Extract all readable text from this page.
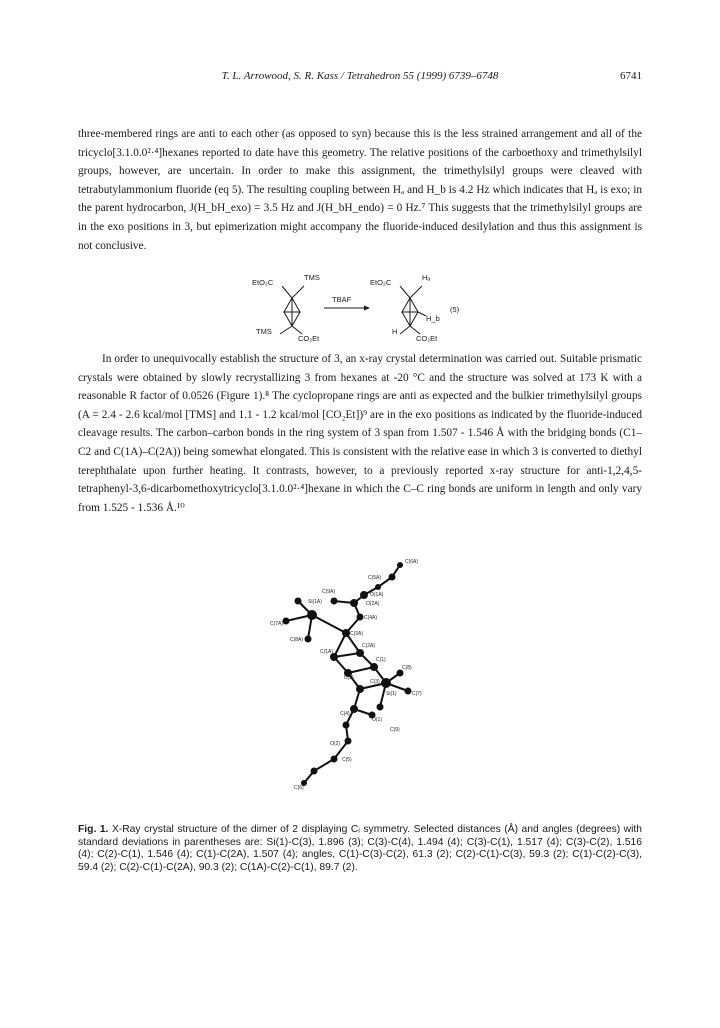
T. L. Arrowood, S. R. Kass / Tetrahedron 55 (1999) 6739–6748	6741

three-membered rings are anti to each other (as opposed to syn) because this is the less strained arrangement and all of the tricyclo[3.1.0.0²·⁴]hexanes reported to date have this geometry. The relative positions of the carboethoxy and trimethylsilyl groups, however, are uncertain. In order to make this assignment, the trimethylsilyl groups were cleaved with tetrabutylammonium fluoride (eq 5). The resulting coupling between Hₐ and H_b is 4.2 Hz which indicates that Hₐ is exo; in the parent hydrocarbon, J(H_bH_exo) = 3.5 Hz and J(H_bH_endo) = 0 Hz.⁷ This suggests that the trimethylsilyl groups are in the exo positions in 3, but epimerization might accompany the fluoride-induced desilylation and thus this assignment is not conclusive.

EtO₂C
TMS
TMS
CO₂Et
TBAF
EtO₂C
Hₐ
H_b
H
CO₂Et
(5)

In order to unequivocally establish the structure of 3, an x-ray crystal determination was carried out. Suitable prismatic crystals were obtained by slowly recrystallizing 3 from hexanes at -20 °C and the structure was solved at 173 K with a reasonable R factor of 0.0526 (Figure 1).⁸ The cyclopropane rings are anti as expected and the bulkier trimethylsilyl groups (A = 2.4 - 2.6 kcal/mol [TMS] and 1.1 - 1.2 kcal/mol [CO₂Et])⁹ are in the exo positions as indicated by the fluoride-induced cleavage results. The carbon–carbon bonds in the ring system of 3 span from 1.507 - 1.546 Å with the bridging bonds (C1–C2 and C(1A)–C(2A)) being somewhat elongated. This is consistent with the relative ease in which 3 is converted to diethyl terephthalate upon further heating. It contrasts, however, to a previously reported x-ray structure for anti-1,2,4,5-tetraphenyl-3,6-dicarbomethoxytricyclo[3.1.0.0²·⁴]hexane in which the C–C ring bonds are uniform in length and only vary from 1.525 - 1.536 Å.¹⁰

C(6A)
C(5A)
C(9A)	O(1A)
O(2A)
Si(1A)
C(7A)
C(4A)
C(3A)
C(8A)
C(2A)
C(1A)
C(1)
C(2)
C(3)
C(8)
Si(1)	C(7)
C(4)
O(1)
O(2)
C(9)
C(5)
C(6)

Fig. 1. X-Ray crystal structure of the dimer of 2 displaying Cᵢ symmetry. Selected distances (Å) and angles (degrees) with standard deviations in parentheses are: Si(1)-C(3), 1.896 (3); C(3)-C(4), 1.494 (4); C(3)-C(1), 1.517 (4); C(3)-C(2), 1.516 (4); C(2)-C(1), 1.546 (4); C(1)-C(2A), 1.507 (4); angles, C(1)-C(3)-C(2), 61.3 (2); C(2)-C(1)-C(3), 59.3 (2); C(1)-C(2)-C(3), 59.4 (2); C(2)-C(1)-C(2A), 90.3 (2); C(1A)-C(2)-C(1), 89.7 (2).
